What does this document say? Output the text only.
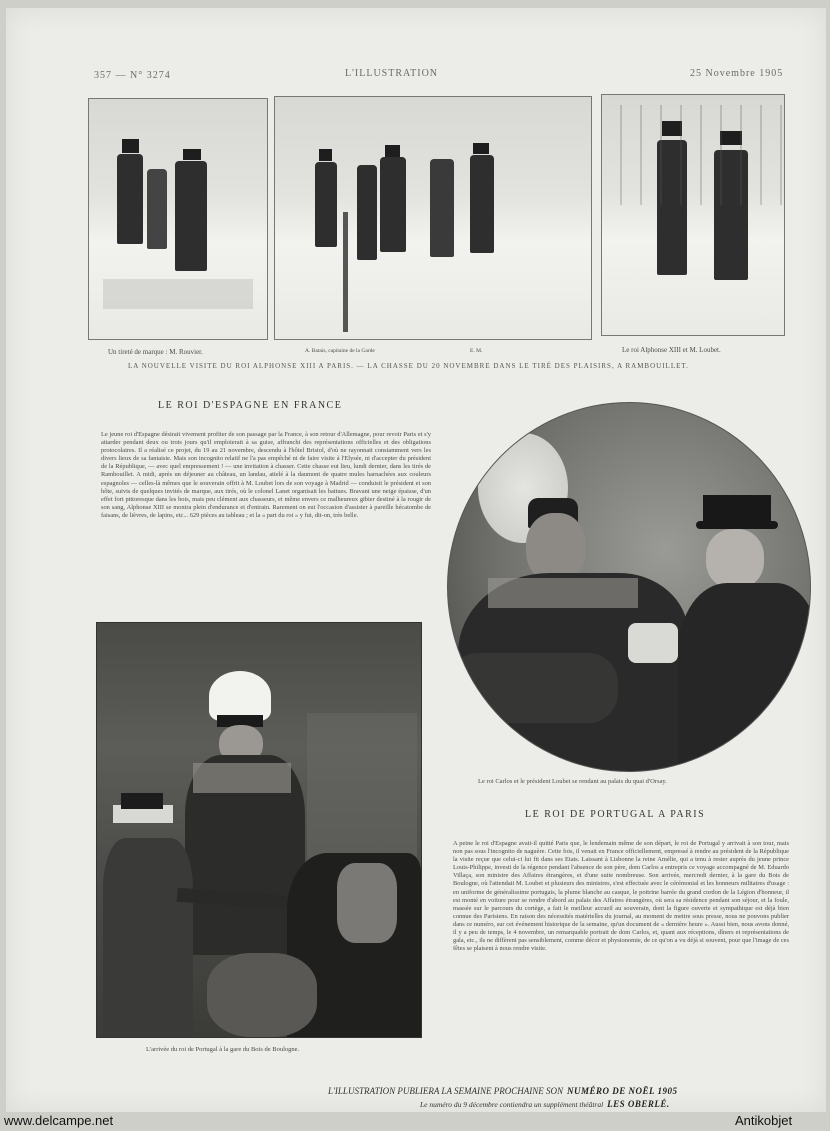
357 — N° 3274	L'ILLUSTRATION	25 Novembre 1905
Un tireté de marque : M. Rouvier.	A. Batais, capitaine de la Garde	E. M.	Le roi Alphonse XIII et M. Loubet.
LA NOUVELLE VISITE DU ROI ALPHONSE XIII A PARIS. — LA CHASSE DU 20 NOVEMBRE DANS LE TIRÉ DES PLAISIRS, A RAMBOUILLET.
LE ROI D'ESPAGNE EN FRANCE
Le jeune roi d'Espagne désirait vivement profiter de son passage par la France, à son retour d'Allemagne, pour revoir Paris et s'y attarder pendant deux ou trois jours qu'il emploierait à sa guise, affranchi des représentations officielles et des obligations protocolaires. Il a réalisé ce projet, du 19 au 21 novembre, descendu à l'hôtel Bristol, d'où ne rayonnait constamment vers les divers lieux de sa fantaisie. Mais son incognito relatif ne l'a pas empêché ni de faire visite à l'Elysée, ni d'accepter du président de la République, — avec quel empressement ! — une invitation à chasser. Cette chasse eut lieu, lundi dernier, dans les tirés de Rambouillet. A midi, après un déjeuner au château, un landau, attelé à la daumont de quatre mules harnachées aux couleurs espagnoles — celles-là mêmes que le souverain offrit à M. Loubet lors de son voyage à Madrid — conduisit le président et son hôte, suivis de quelques invités de marque, aux tirés, où le colonel Lanet organisait les battues. Bravant une neige épaisse, d'un effet fort pittoresque dans les bois, mais peu clément aux chasseurs, et même envers ce malheureux gibier destiné à la rougir de son sang, Alphonse XIII se montra plein d'endurance et d'entrain. Rarement on eut l'occasion d'assister à pareille hécatombe de faisans, de lièvres, de lapins, etc... 629 pièces au tableau ; et la « part du roi » y fut, dit-on, très belle.
Le roi Carlos et le président Loubet se rendant au palais du quai d'Orsay.
L'arrivée du roi de Portugal à la gare du Bois de Boulogne.
LE ROI DE PORTUGAL A PARIS
A peine le roi d'Espagne avait-il quitté Paris que, le lendemain même de son départ, le roi de Portugal y arrivait à son tour, mais non pas sous l'incognito de naguère. Cette fois, il venait en France officiellement, empressé à rendre au président de la République la visite reçue que celui-ci lui fit dans ses Etats. Laissant à Lisbonne la reine Amélie, qui a tenu à rester auprès du jeune prince Louis-Philippe, investi de la régence pendant l'absence de son père, dom Carlos a entrepris ce voyage accompagné de M. Eduardo Villaça, son ministre des Affaires étrangères, et d'une suite nombreuse. Son arrivée, mercredi dernier, à la gare du Bois de Boulogne, où l'attendait M. Loubet et plusieurs des ministres, s'est effectuée avec le cérémonial et les honneurs militaires d'usage : en uniforme de généralissime portugais, la plume blanche au casque, le poitrine barrée du grand cordon de la Légion d'honneur, il est monté en voiture pour se rendre d'abord au palais des Affaires étrangères, où sera sa résidence pendant son séjour, et la foule, massée sur le parcours du cortège, a fait le meilleur accueil au souverain, dont la figure ouverte et sympathique est déjà bien connue des Parisiens. En raison des nécessités matérielles du journal, au moment de mettre sous presse, nous ne pouvons publier dans ce numéro, sur cet événement historique de la semaine, qu'un document de « dernière heure ». Aussi bien, nous avons donné, il y a peu de temps, le 4 novembre, un remarquable portrait de dom Carlos, et, quant aux réceptions, dîners et représentations de gala, etc., ils ne diffèrent pas sensiblement, comme décor et physionomie, de ce qu'on a vu déjà si souvent, pour que l'image de ces fêtes se plaisent à nous rendre visite.
L'ILLUSTRATION PUBLIERA LA SEMAINE PROCHAINE SON NUMÉRO DE NOËL 1905
Le numéro du 9 décembre contiendra un supplément théâtral LES OBERLÉ.
www.delcampe.net	Antikobjet
